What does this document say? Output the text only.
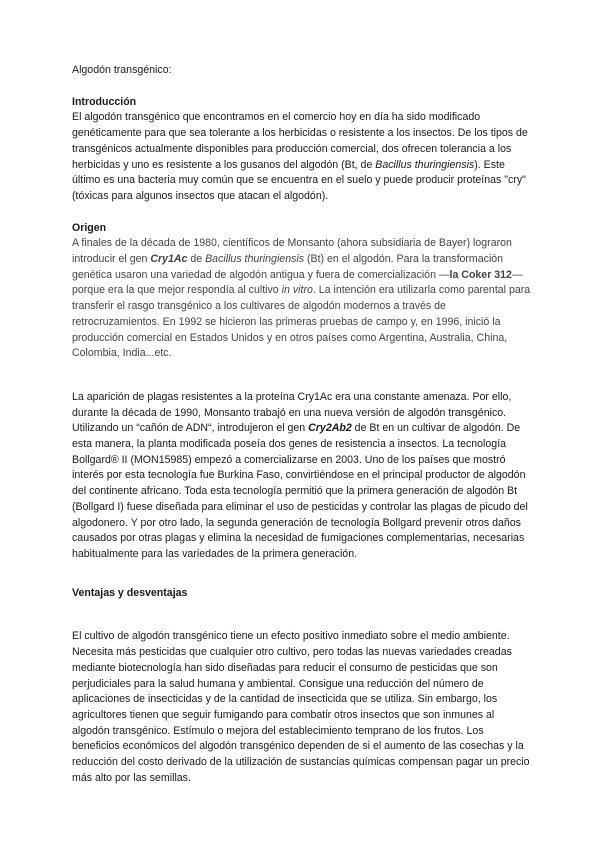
Algodón transgénico:

Introducción

El algodón transgénico que encontramos en el comercio hoy en día ha sido modificado genéticamente para que sea tolerante a los herbicidas o resistente a los insectos. De los tipos de transgénicos actualmente disponibles para producción comercial, dos ofrecen tolerancia a los herbicidas y uno es resistente a los gusanos del algodón (Bt, de Bacillus thuringiensis). Este último es una bacteria muy común que se encuentra en el suelo y puede producir proteínas "cry" (tóxicas para algunos insectos que atacan el algodón).

Origen

A finales de la década de 1980, científicos de Monsanto (ahora subsidiaria de Bayer) lograron introducir el gen Cry1Ac de Bacillus thuringiensis (Bt) en el algodón. Para la transformación genética usaron una variedad de algodón antigua y fuera de comercialización —la Coker 312— porque era la que mejor respondía al cultivo in vitro. La intención era utilizarla como parental para transferir el rasgo transgénico a los cultivares de algodón modernos a través de retrocruzamientos. En 1992 se hicieron las primeras pruebas de campo y, en 1996, inició la producción comercial en Estados Unidos y en otros países como Argentina, Australia, China, Colombia, India...etc.

La aparición de plagas resistentes a la proteína Cry1Ac era una constante amenaza. Por ello, durante la década de 1990, Monsanto trabajó en una nueva versión de algodón transgénico. Utilizando un “cañón de ADN“, introdujeron el gen Cry2Ab2 de Bt en un cultivar de algodón. De esta manera, la planta modificada poseía dos genes de resistencia a insectos. La tecnología Bollgard® II (MON15985) empezó a comercializarse en 2003. Uno de los países que mostró interés por esta tecnología fue Burkina Faso, convirtiéndose en el principal productor de algodón del continente africano. Toda esta tecnología permitió que la primera generación de algodón Bt (Bollgard I) fuese diseñada para eliminar el uso de pesticidas y controlar las plagas de picudo del algodonero. Y por otro lado, la segunda generación de tecnología Bollgard prevenir otros daños causados por otras plagas y elimina la necesidad de fumigaciones complementarias, necesarias habitualmente para las variedades de la primera generación.

Ventajas y desventajas

El cultivo de algodón transgénico tiene un efecto positivo inmediato sobre el medio ambiente. Necesita más pesticidas que cualquier otro cultivo, pero todas las nuevas variedades creadas mediante biotecnología han sido diseñadas para reducir el consumo de pesticidas que son perjudiciales para la salud humana y ambiental. Consigue una reducción del número de aplicaciones de insecticidas y de la cantidad de insecticida que se utiliza. Sin embargo, los agricultores tienen que seguir fumigando para combatir otros insectos que son inmunes al algodón transgénico. Estímulo o mejora del establecimiento temprano de los frutos. Los beneficios económicos del algodón transgénico dependen de si el aumento de las cosechas y la reducción del costo derivado de la utilización de sustancias químicas compensan pagar un precio más alto por las semillas.
